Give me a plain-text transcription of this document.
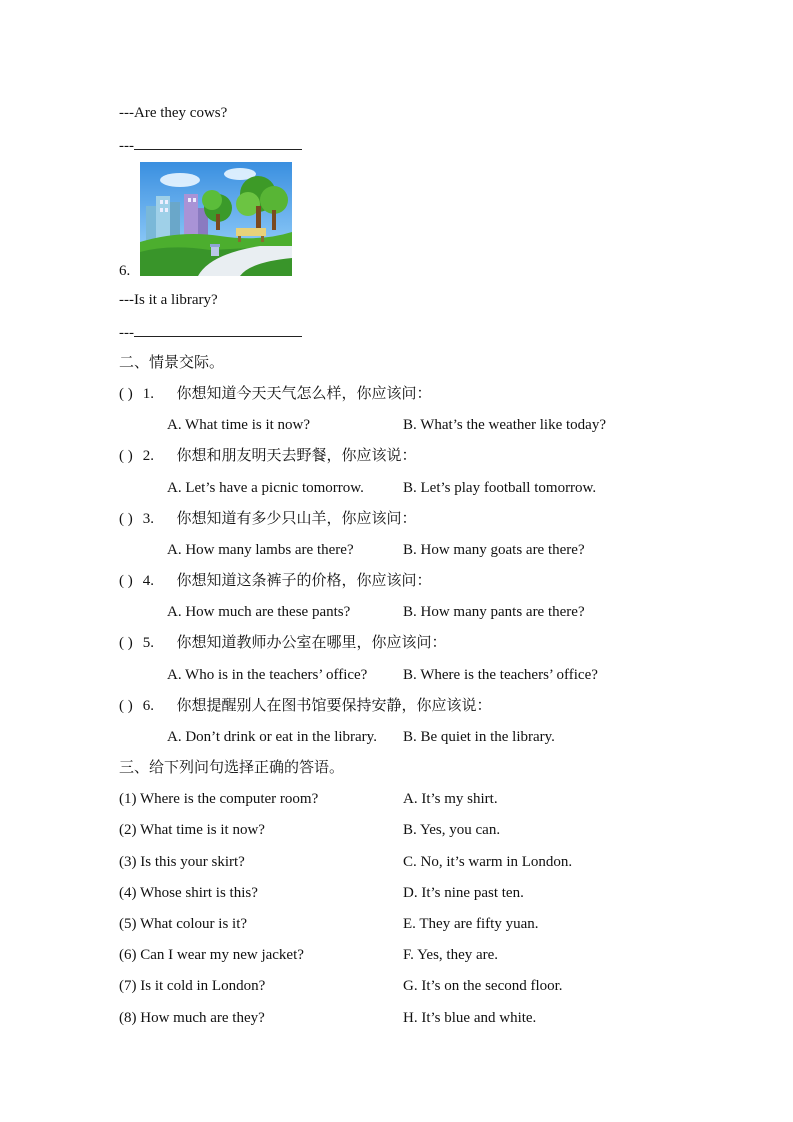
---Are they cows?
---
6.
---Is it a library?
---
二、情景交际。
( ) 1. 你想知道今天天气怎么样，你应该问：
A. What time is it now?	B. What’s the weather like today?
( ) 2. 你想和朋友明天去野餐，你应该说：
A. Let’s have a picnic tomorrow.	B. Let’s play football tomorrow.
( ) 3. 你想知道有多少只山羊，你应该问：
A. How many lambs are there?	B. How many goats are there?
( ) 4. 你想知道这条裤子的价格，你应该问：
A. How much are these pants?	B. How many pants are there?
( ) 5. 你想知道教师办公室在哪里，你应该问：
A. Who is in the teachers’ office? B. Where is the teachers’ office?
( ) 6. 你想提醒别人在图书馆要保持安静，你应该说：
A. Don’t drink or eat in the library. B. Be quiet in the library.
三、给下列问句选择正确的答语。
(1) Where is the computer room?	A. It’s my shirt.
(2) What time is it now?	B. Yes, you can.
(3) Is this your skirt?	C. No, it’s warm in London.
(4) Whose shirt is this?	D. It’s nine past ten.
(5) What colour is it?	E. They are fifty yuan.
(6) Can I wear my new jacket?	F. Yes, they are.
(7) Is it cold in London?	G. It’s on the second floor.
(8) How much are they?	H. It’s blue and white.
